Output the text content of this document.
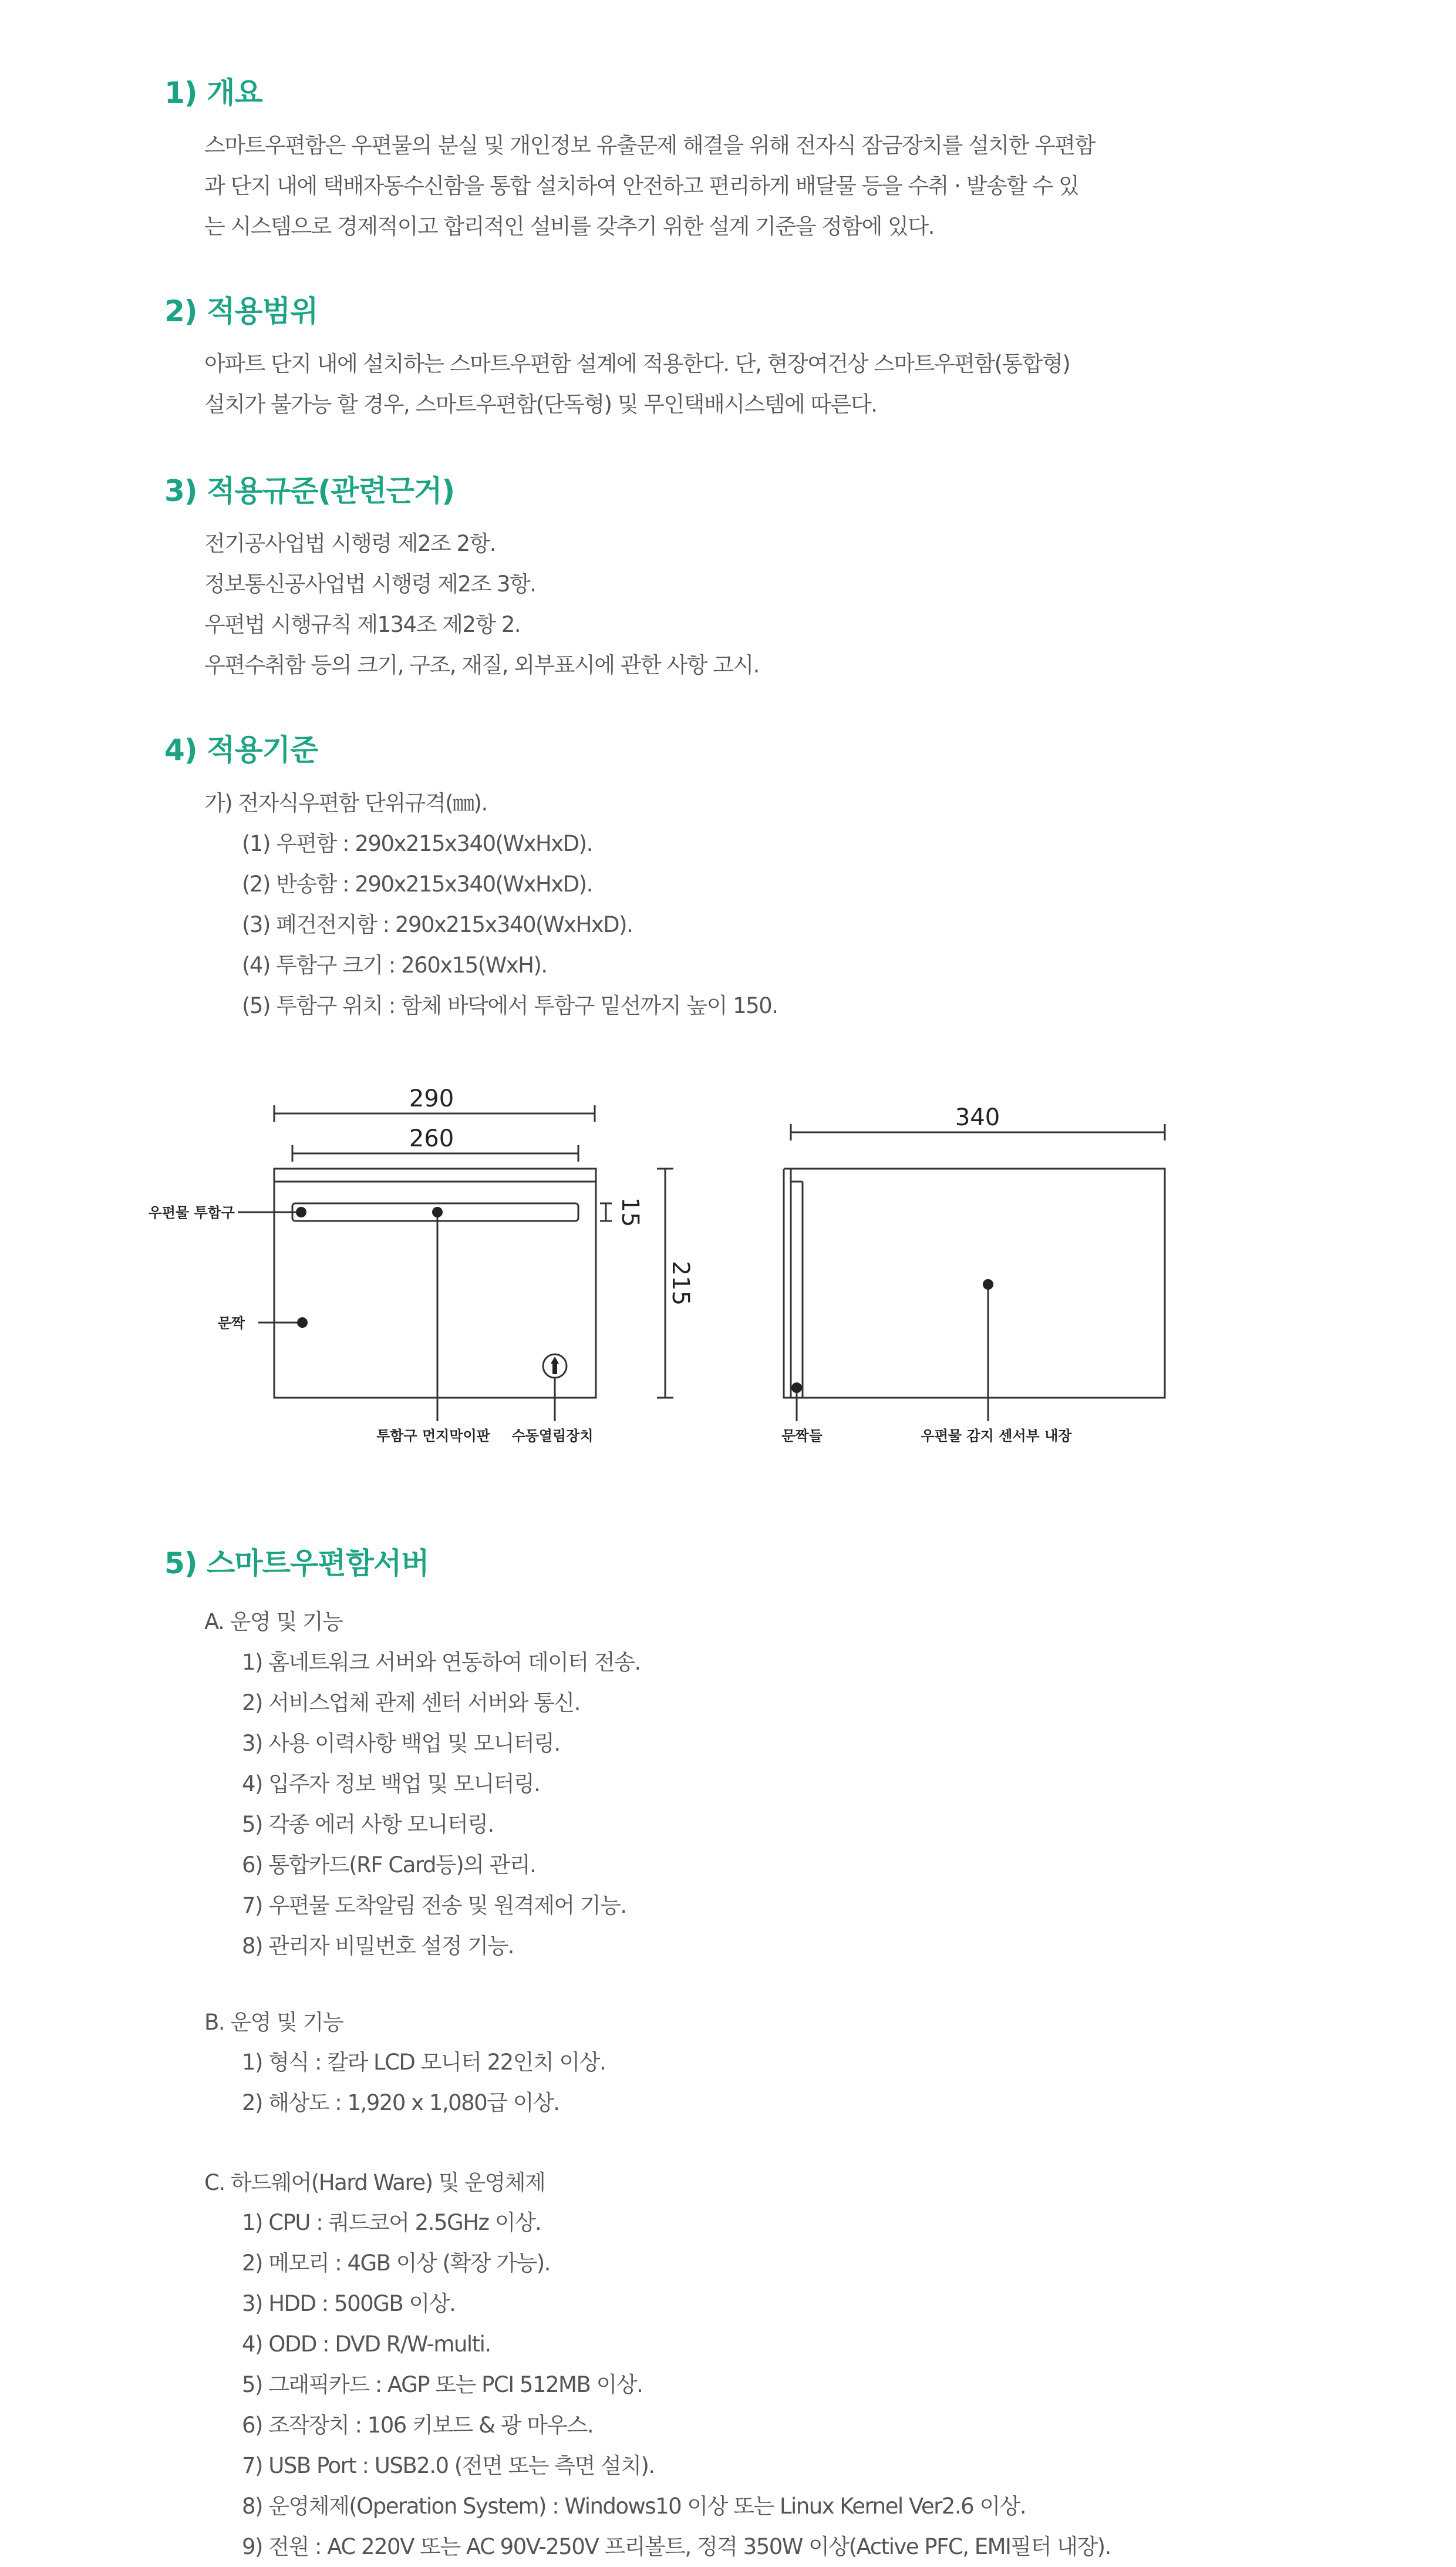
1) 개요
스마트우편함은 우편물의 분실 및 개인정보 유출문제 해결을 위해 전자식 잠금장치를 설치한 우편함
과 단지 내에 택배자동수신함을 통합 설치하여 안전하고 편리하게 배달물 등을 수취 · 발송할 수 있
는 시스템으로 경제적이고 합리적인 설비를 갖추기 위한 설계 기준을 정함에 있다.
2) 적용범위
아파트 단지 내에 설치하는 스마트우편함 설계에 적용한다. 단, 현장여건상 스마트우편함(통합형)
설치가 불가능 할 경우, 스마트우편함(단독형) 및 무인택배시스템에 따른다.
3) 적용규준(관련근거)
전기공사업법 시행령 제2조 2항.
정보통신공사업법 시행령 제2조 3항.
우편법 시행규칙 제134조 제2항 2.
우편수취함 등의 크기, 구조, 재질, 외부표시에 관한 사항 고시.
4) 적용기준
가) 전자식우편함 단위규격(㎜).
(1) 우편함 : 290x215x340(WxHxD).
(2) 반송함 : 290x215x340(WxHxD).
(3) 폐건전지함 : 290x215x340(WxHxD).
(4) 투함구 크기 : 260x15(WxH).
(5) 투함구 위치 : 함체 바닥에서 투함구 밑선까지 높이 150.
290
260
340
15
215
우편물 투함구
문짝
투함구 먼지막이판 수동열림장치	문짝들	우편물 감지 센서부 내장
5) 스마트우편함서버
A. 운영 및 기능
1) 홈네트워크 서버와 연동하여 데이터 전송.
2) 서비스업체 관제 센터 서버와 통신.
3) 사용 이력사항 백업 및 모니터링.
4) 입주자 정보 백업 및 모니터링.
5) 각종 에러 사항 모니터링.
6) 통합카드(RF Card등)의 관리.
7) 우편물 도착알림 전송 및 원격제어 기능.
8) 관리자 비밀번호 설정 기능.
B. 운영 및 기능
1) 형식 : 칼라 LCD 모니터 22인치 이상.
2) 해상도 : 1,920 x 1,080급 이상.
C. 하드웨어(Hard Ware) 및 운영체제
1) CPU : 쿼드코어 2.5GHz 이상.
2) 메모리 : 4GB 이상 (확장 가능).
3) HDD : 500GB 이상.
4) ODD : DVD R/W-multi.
5) 그래픽카드 : AGP 또는 PCI 512MB 이상.
6) 조작장치 : 106 키보드 & 광 마우스.
7) USB Port : USB2.0 (전면 또는 측면 설치).
8) 운영체제(Operation System) : Windows10 이상 또는 Linux Kernel Ver2.6 이상.
9) 전원 : AC 220V 또는 AC 90V-250V 프리볼트, 정격 350W 이상(Active PFC, EMI필터 내장).
